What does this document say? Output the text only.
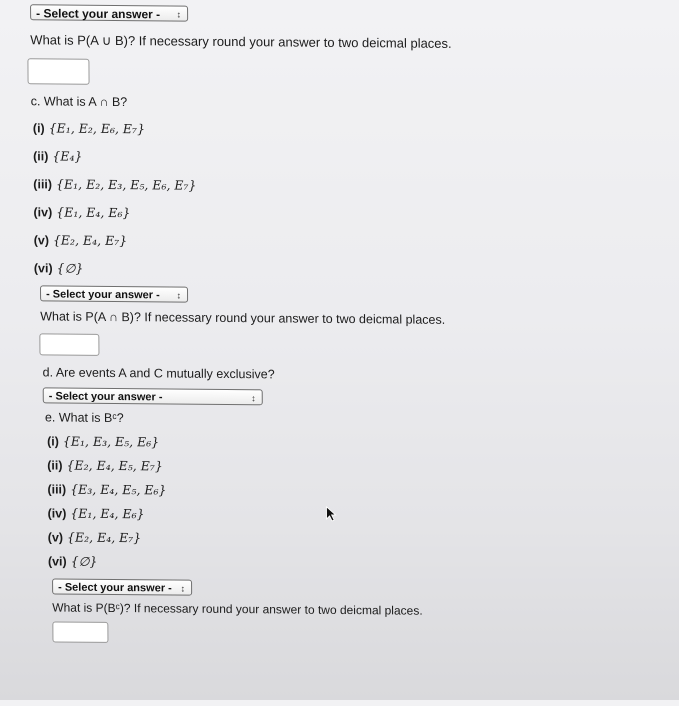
- Select your answer - ↕
What is P(A ∪ B)? If necessary round your answer to two deicmal places.
c. What is A ∩ B?
(i) {E₁, E₂, E₆, E₇}
(ii) {E₄}
(iii) {E₁, E₂, E₃, E₅, E₆, E₇}
(iv) {E₁, E₄, E₆}
(v) {E₂, E₄, E₇}
(vi) {∅}
- Select your answer - ↕
What is P(A ∩ B)? If necessary round your answer to two deicmal places.
d. Are events A and C mutually exclusive?
- Select your answer -	↕
e. What is Bᶜ?
(i) {E₁, E₃, E₅, E₆}
(ii) {E₂, E₄, E₅, E₇}
(iii) {E₃, E₄, E₅, E₆}
(iv) {E₁, E₄, E₆}
(v) {E₂, E₄, E₇}
(vi) {∅}
- Select your answer - ↕
What is P(Bᶜ)? If necessary round your answer to two deicmal places.
